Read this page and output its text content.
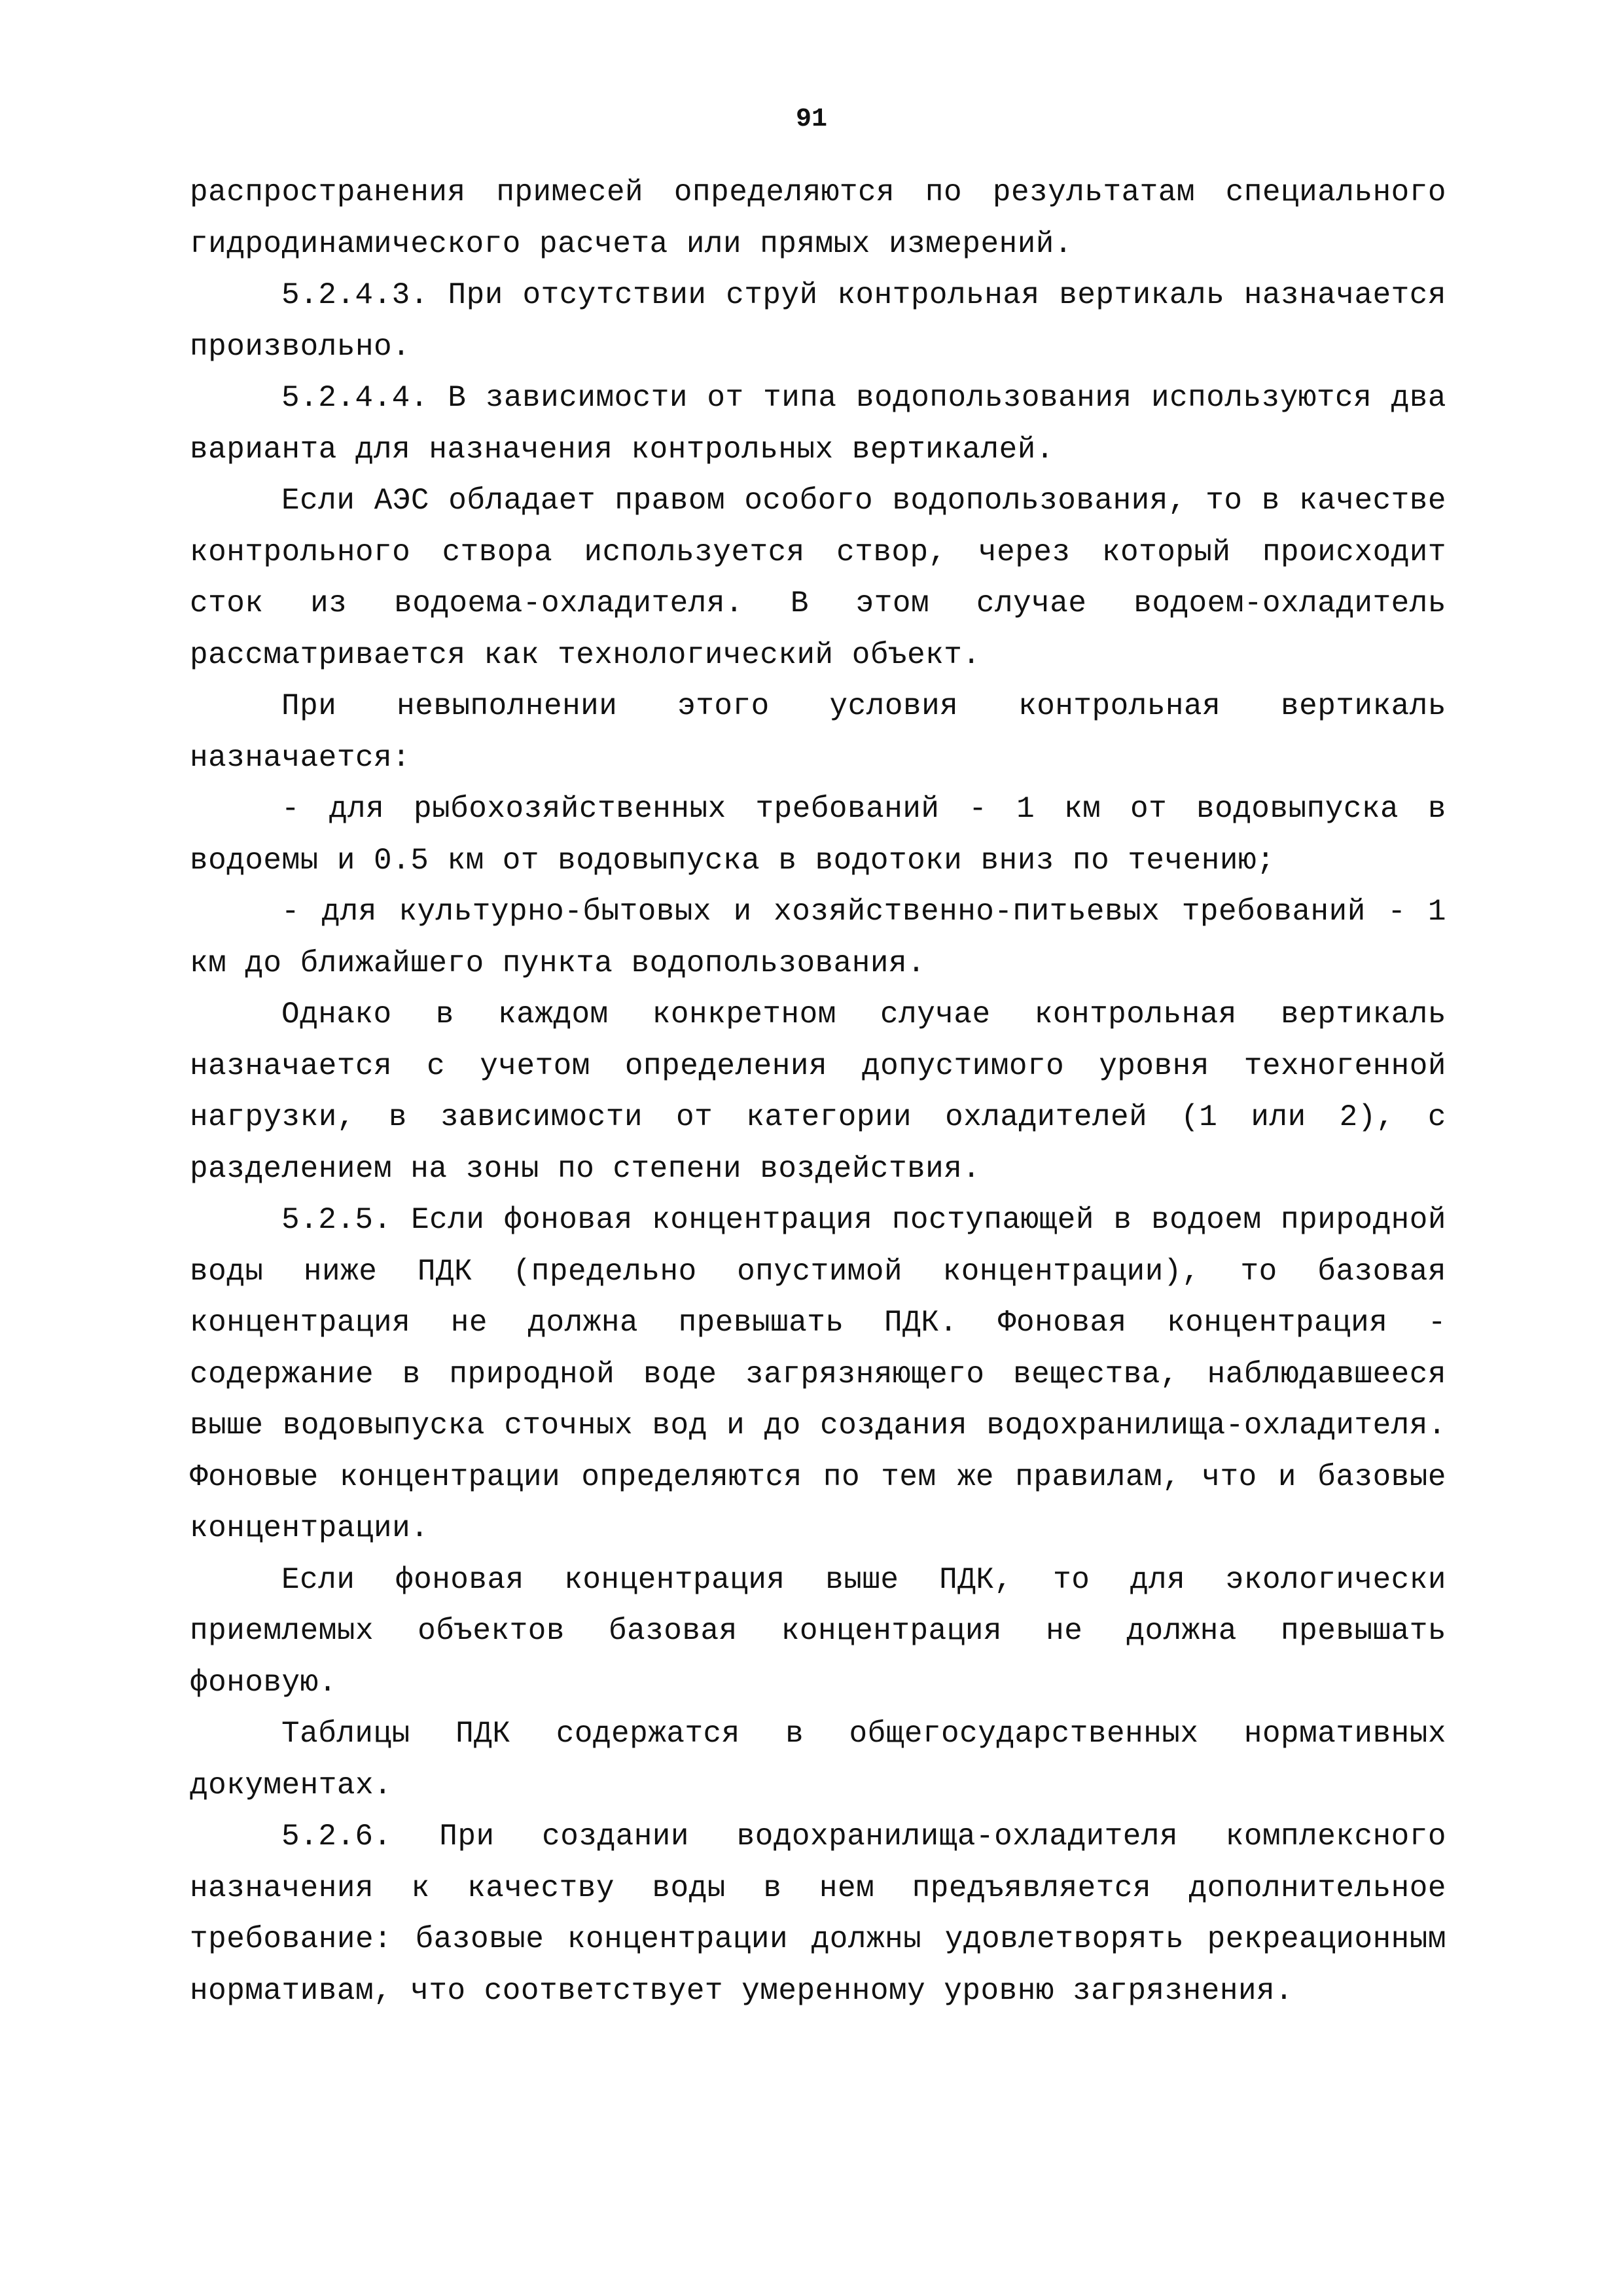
91

распространения примесей определяются по результатам специального гидродинамического расчета или прямых измерений.

5.2.4.3. При отсутствии струй контрольная вертикаль назначается произвольно.

5.2.4.4. В зависимости от типа водопользования используются два варианта для назначения контрольных вертикалей.

Если АЭС обладает правом особого водопользования, то в качестве контрольного створа используется створ, через который происходит сток из водоема-охладителя. В этом случае водоем-охладитель рассматривается как технологический объект.

При невыполнении этого условия контрольная вертикаль назначается:

- для рыбохозяйственных требований - 1 км от водовыпуска в водоемы и 0.5 км от водовыпуска в водотоки вниз по течению;

- для культурно-бытовых и хозяйственно-питьевых требований - 1 км до ближайшего пункта водопользования.

Однако в каждом конкретном случае контрольная вертикаль назначается с учетом определения допустимого уровня техногенной нагрузки, в зависимости от категории охладителей (1 или 2), с разделением на зоны по степени воздействия.

5.2.5. Если фоновая концентрация поступающей в водоем природной воды ниже ПДК (предельно опустимой концентрации), то базовая концентрация не должна превышать ПДК. Фоновая концентрация - содержание в природной воде загрязняющего вещества, наблюдавшееся выше водовыпуска сточных вод и до создания водохранилища-охладителя. Фоновые концентрации определяются по тем же правилам, что и базовые концентрации.

Если фоновая концентрация выше ПДК, то для экологически приемлемых объектов базовая концентрация не должна превышать фоновую.

Таблицы ПДК содержатся в общегосударственных нормативных документах.

5.2.6. При создании водохранилища-охладителя комплексного назначения к качеству воды в нем предъявляется дополнительное требование: базовые концентрации должны удовлетворять рекреационным нормативам, что соответствует умеренному уровню загрязнения.
